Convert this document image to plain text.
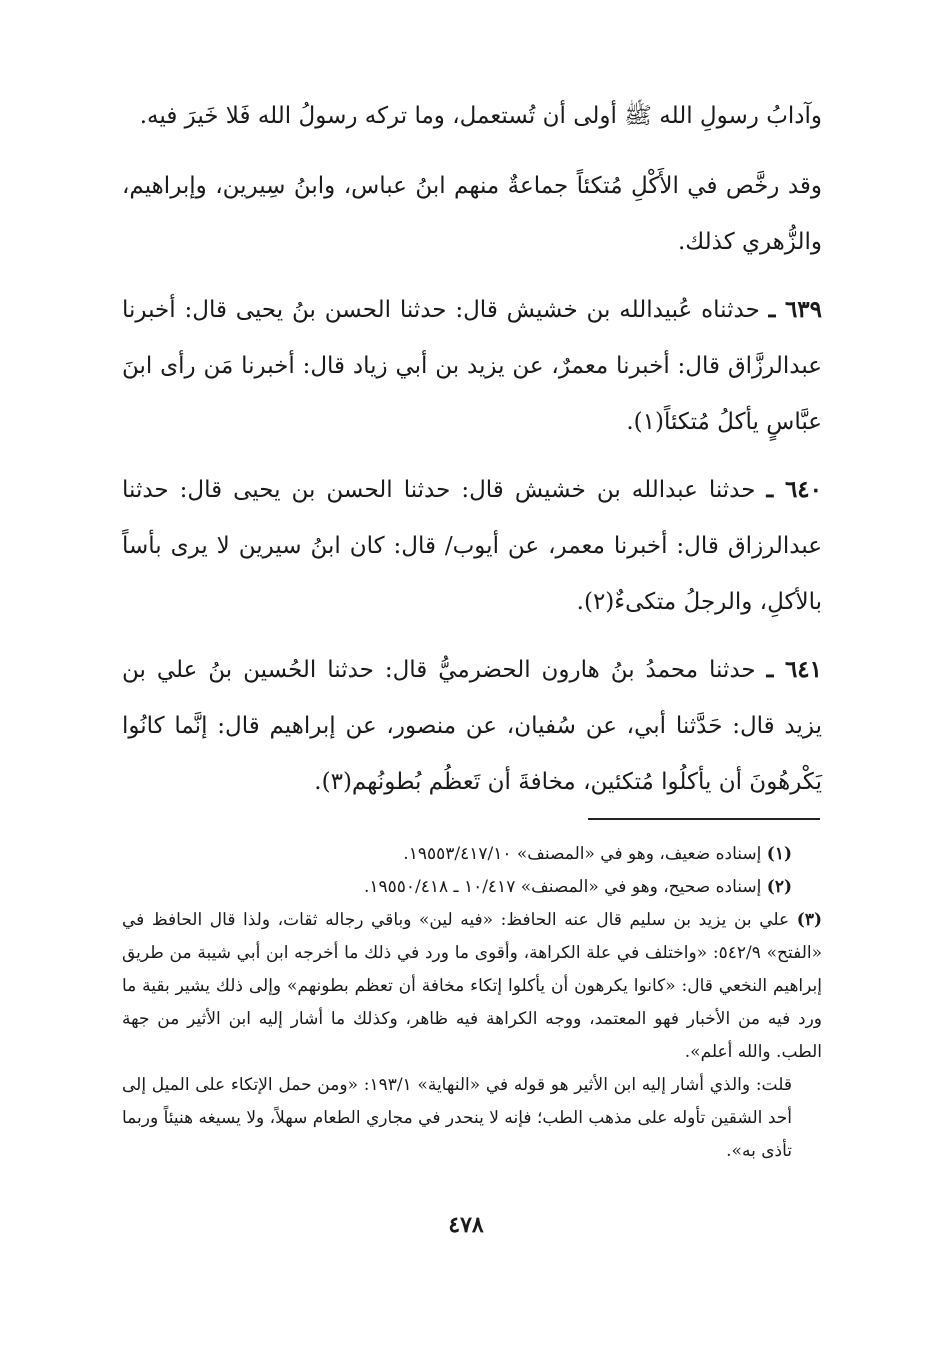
وآدابُ رسولِ الله ﷺ أولى أن تُستعمل، وما تركه رسولُ الله فَلا خَيرَ فيه.

وقد رخَّص في الأَكْلِ مُتكئاً جماعةٌ منهم ابنُ عباس، وابنُ سِيرين، وإبراهيم، والزُّهري كذلك.

٦٣٩ ـ حدثناه عُبيدالله بن خشيش قال: حدثنا الحسن بنُ يحيى قال: أخبرنا عبدالرزَّاق قال: أخبرنا معمرٌ، عن يزيد بن أبي زياد قال: أخبرنا مَن رأى ابنَ عبَّاسٍ يأكلُ مُتكئاً(١).

٦٤٠ ـ حدثنا عبدالله بن خشيش قال: حدثنا الحسن بن يحيى قال: حدثنا عبدالرزاق قال: أخبرنا معمر، عن أيوب/ قال: كان ابنُ سيرين لا يرى بأساً بالأكلِ، والرجلُ متكىءٌ(٢).

٦٤١ ـ حدثنا محمدُ بنُ هارون الحضرميُّ قال: حدثنا الحُسين بنُ علي بن يزيد قال: حَدَّثنا أبي، عن سُفيان، عن منصور، عن إبراهيم قال: إنَّما كانُوا يَكْرهُونَ أن يأكلُوا مُتكئين، مخافةَ أن تَعظُم بُطونُهم(٣).

(١) إسناده ضعيف، وهو في «المصنف» ١٩٥٥٣/٤١٧/١٠.

(٢) إسناده صحيح، وهو في «المصنف» ١٠/٤١٧ ـ ١٩٥٥٠/٤١٨.

(٣) علي بن يزيد بن سليم قال عنه الحافظ: «فيه لين» وباقي رجاله ثقات، ولذا قال الحافظ في «الفتح» ٥٤٢/٩: «واختلف في علة الكراهة، وأقوى ما ورد في ذلك ما أخرجه ابن أبي شيبة من طريق إبراهيم النخعي قال: «كانوا يكرهون أن يأكلوا إتكاء مخافة أن تعظم بطونهم» وإلى ذلك يشير بقية ما ورد فيه من الأخبار فهو المعتمد، ووجه الكراهة فيه ظاهر، وكذلك ما أشار إليه ابن الأثير من جهة الطب. والله أعلم».

قلت: والذي أشار إليه ابن الأثير هو قوله في «النهاية» ١٩٣/١: «ومن حمل الإتكاء على الميل إلى أحد الشقين تأوله على مذهب الطب؛ فإنه لا ينحدر في مجاري الطعام سهلاً، ولا يسيغه هنيئاً وربما تأذى به».

٤٧٨
